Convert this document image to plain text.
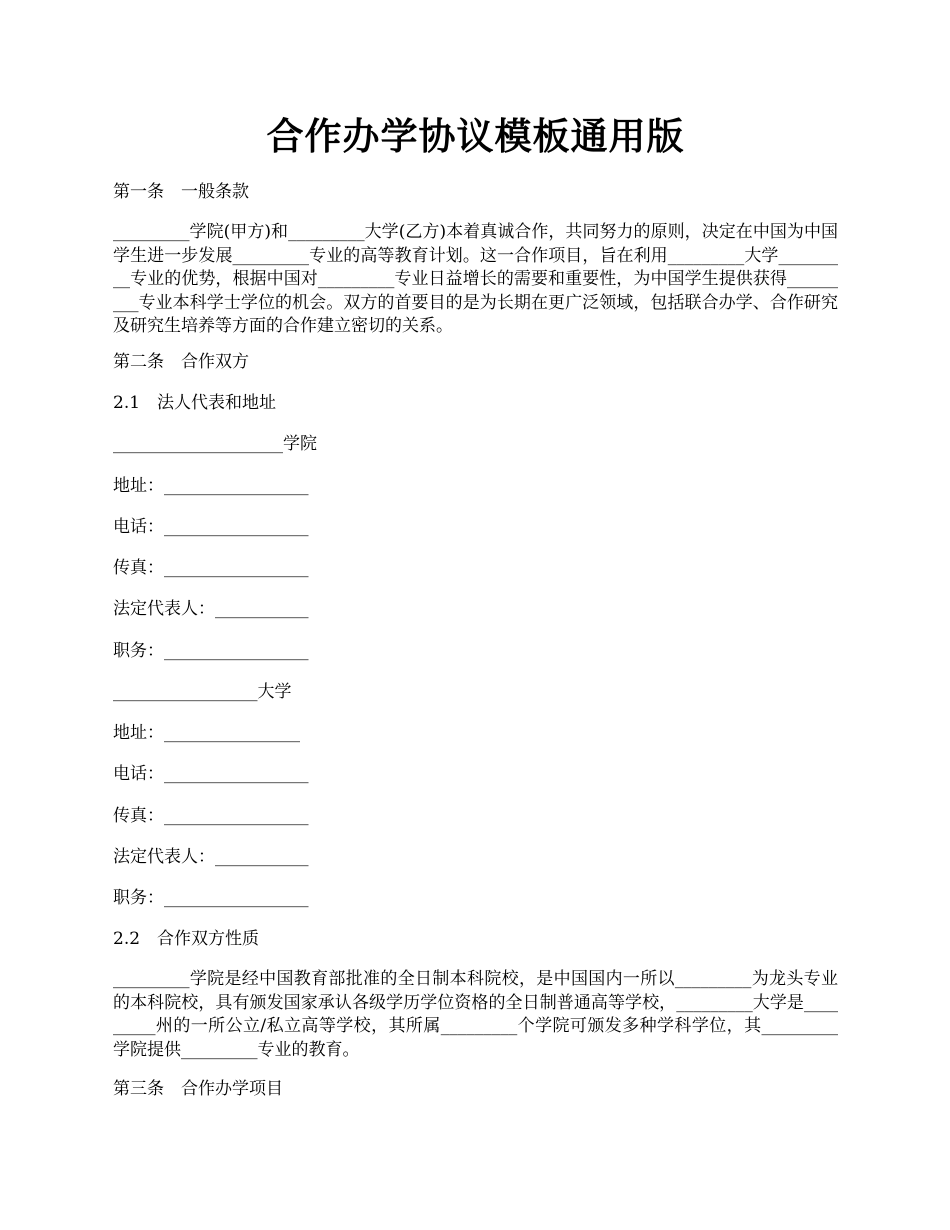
合作办学协议模板通用版
第一条　一般条款
_________学院(甲方)和_________大学(乙方)本着真诚合作，共同努力的原则，决定在中国为中国学生进一步发展_________专业的高等教育计划。这一合作项目，旨在利用_________大学_________专业的优势，根据中国对_________专业日益增长的需要和重要性，为中国学生提供获得_________专业本科学士学位的机会。双方的首要目的是为长期在更广泛领域，包括联合办学、合作研究及研究生培养等方面的合作建立密切的关系。
第二条　合作双方
2.1　法人代表和地址
____________________学院
地址：_________________
电话：_________________
传真：_________________
法定代表人：___________
职务：_________________
_________________大学
地址：________________
电话：_________________
传真：_________________
法定代表人：___________
职务：_________________
2.2　合作双方性质
_________学院是经中国教育部批准的全日制本科院校，是中国国内一所以_________为龙头专业的本科院校，具有颁发国家承认各级学历学位资格的全日制普通高等学校，_________大学是_________州的一所公立/私立高等学校，其所属_________个学院可颁发多种学科学位，其_________学院提供_________专业的教育。
第三条　合作办学项目
